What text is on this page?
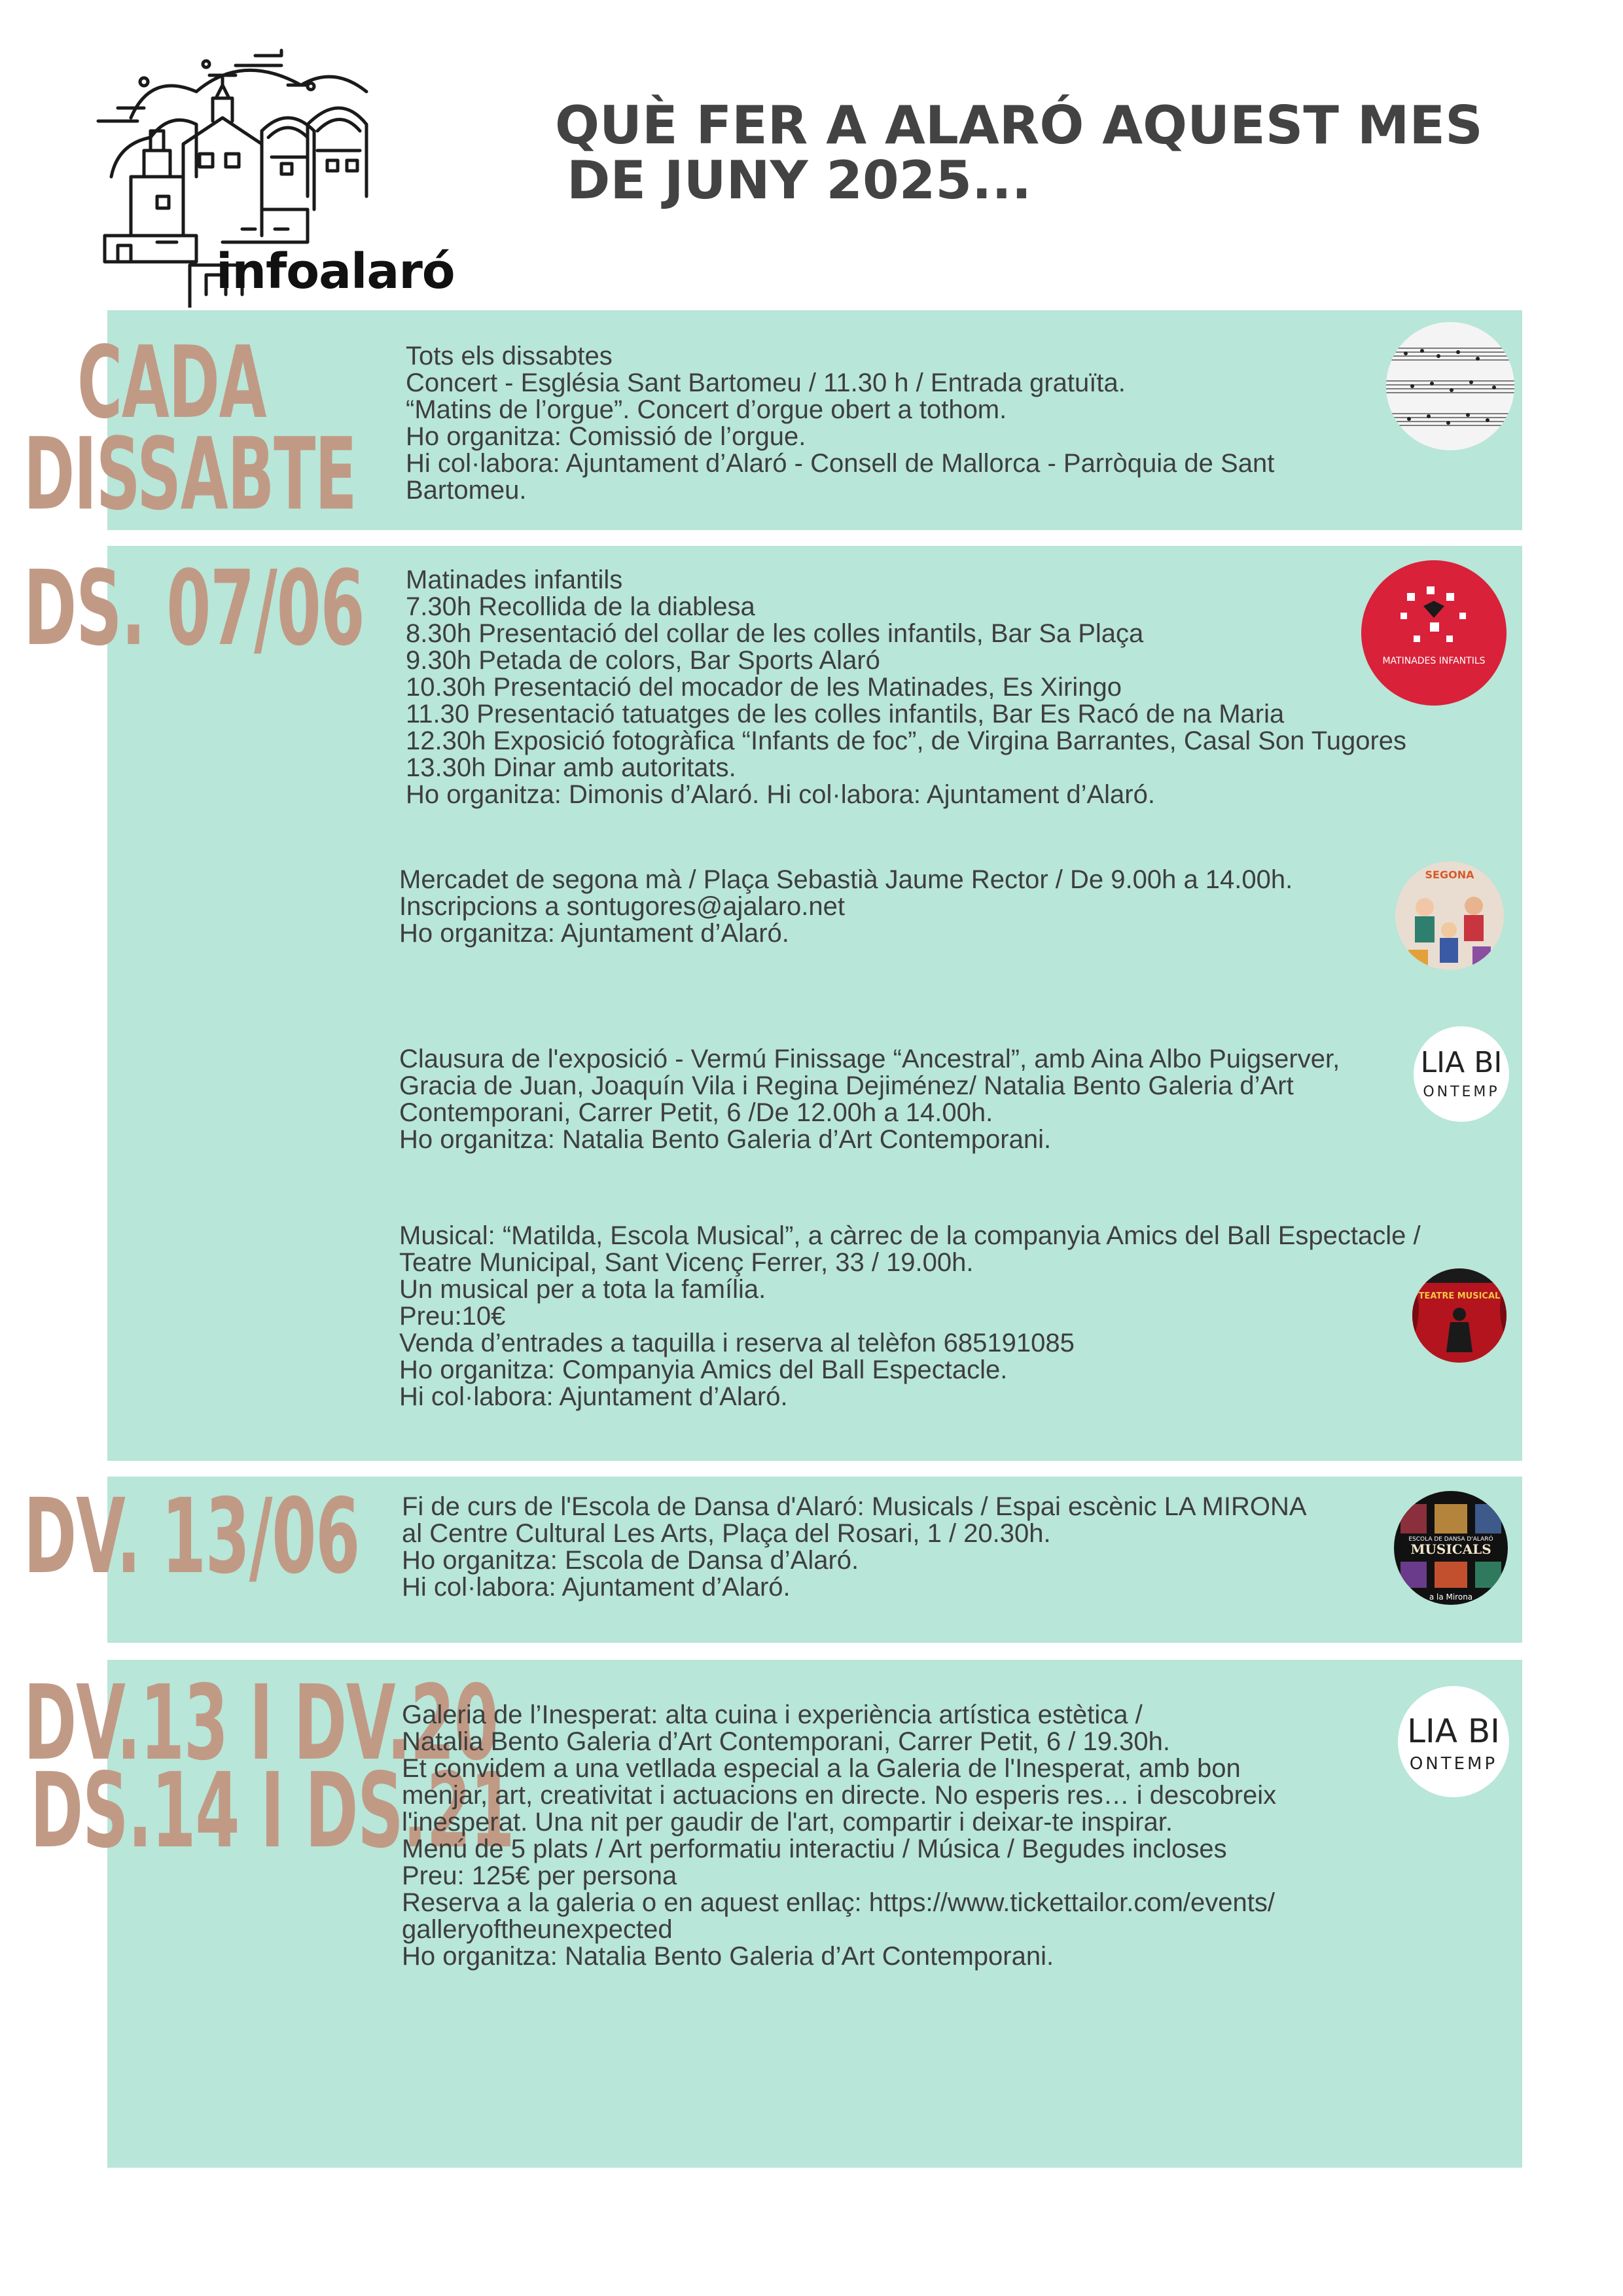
infoalaró
QUÈ FER A ALARÓ AQUEST MES
DE JUNY 2025...
CADA
DISSABTE
Tots els dissabtes
Concert - Església Sant Bartomeu / 11.30 h / Entrada gratuïta.
“Matins de l’orgue”. Concert d’orgue obert a tothom.
Ho organitza: Comissió de l’orgue.
Hi col·labora: Ajuntament d’Alaró - Consell de Mallorca - Parròquia de Sant
Bartomeu.
DS. 07/06 Matinades infantils
7.30h Recollida de la diablesa
8.30h Presentació del collar de les colles infantils, Bar Sa Plaça
9.30h Petada de colors, Bar Sports Alaró
10.30h Presentació del mocador de les Matinades, Es Xiringo
11.30 Presentació tatuatges de les colles infantils, Bar Es Racó de na Maria
12.30h Exposició fotogràfica “Infants de foc”, de Virgina Barrantes, Casal Son Tugores
13.30h Dinar amb autoritats.
Ho organitza: Dimonis d’Alaró. Hi col·labora: Ajuntament d’Alaró.
MATINADES INFANTILS
Mercadet de segona mà / Plaça Sebastià Jaume Rector / De 9.00h a 14.00h.
Inscripcions a sontugores@ajalaro.net
Ho organitza: Ajuntament d’Alaró.
SEGONA
Clausura de l'exposició - Vermú Finissage “Ancestral”, amb Aina Albo Puigserver,
Gracia de Juan, Joaquín Vila i Regina Dejiménez/ Natalia Bento Galeria d’Art
Contemporani, Carrer Petit, 6 /De 12.00h a 14.00h.
Ho organitza: Natalia Bento Galeria d’Art Contemporani.
LIA BI
ONTEMP
Musical: “Matilda, Escola Musical”, a càrrec de la companyia Amics del Ball Espectacle /
Teatre Municipal, Sant Vicenç Ferrer, 33 / 19.00h.
Un musical per a tota la família.
Preu:10€
Venda d’entrades a taquilla i reserva al telèfon 685191085
Ho organitza: Companyia Amics del Ball Espectacle.
Hi col·labora: Ajuntament d’Alaró.
TEATRE MUSICAL
DV. 13/06 Fi de curs de l'Escola de Dansa d'Alaró: Musicals / Espai escènic LA MIRONA
al Centre Cultural Les Arts, Plaça del Rosari, 1 / 20.30h.
Ho organitza: Escola de Dansa d’Alaró.
Hi col·labora: Ajuntament d’Alaró.
ESCOLA DE DANSA D'ALARÓ
MUSICALS
a la Mirona
DV.13 I DV.20
DS.14 I DS.21
Galeria de l’Inesperat: alta cuina i experiència artística estètica /
Natalia Bento Galeria d’Art Contemporani, Carrer Petit, 6 / 19.30h.
Et convidem a una vetllada especial a la Galeria de l'Inesperat, amb bon
menjar, art, creativitat i actuacions en directe. No esperis res… i descobreix
l'inesperat. Una nit per gaudir de l'art, compartir i deixar-te inspirar.
Menú de 5 plats / Art performatiu interactiu / Música / Begudes incloses
Preu: 125€ per persona
Reserva a la galeria o en aquest enllaç: https://www.tickettailor.com/events/
galleryoftheunexpected
Ho organitza: Natalia Bento Galeria d’Art Contemporani.
LIA BI
ONTEMP
